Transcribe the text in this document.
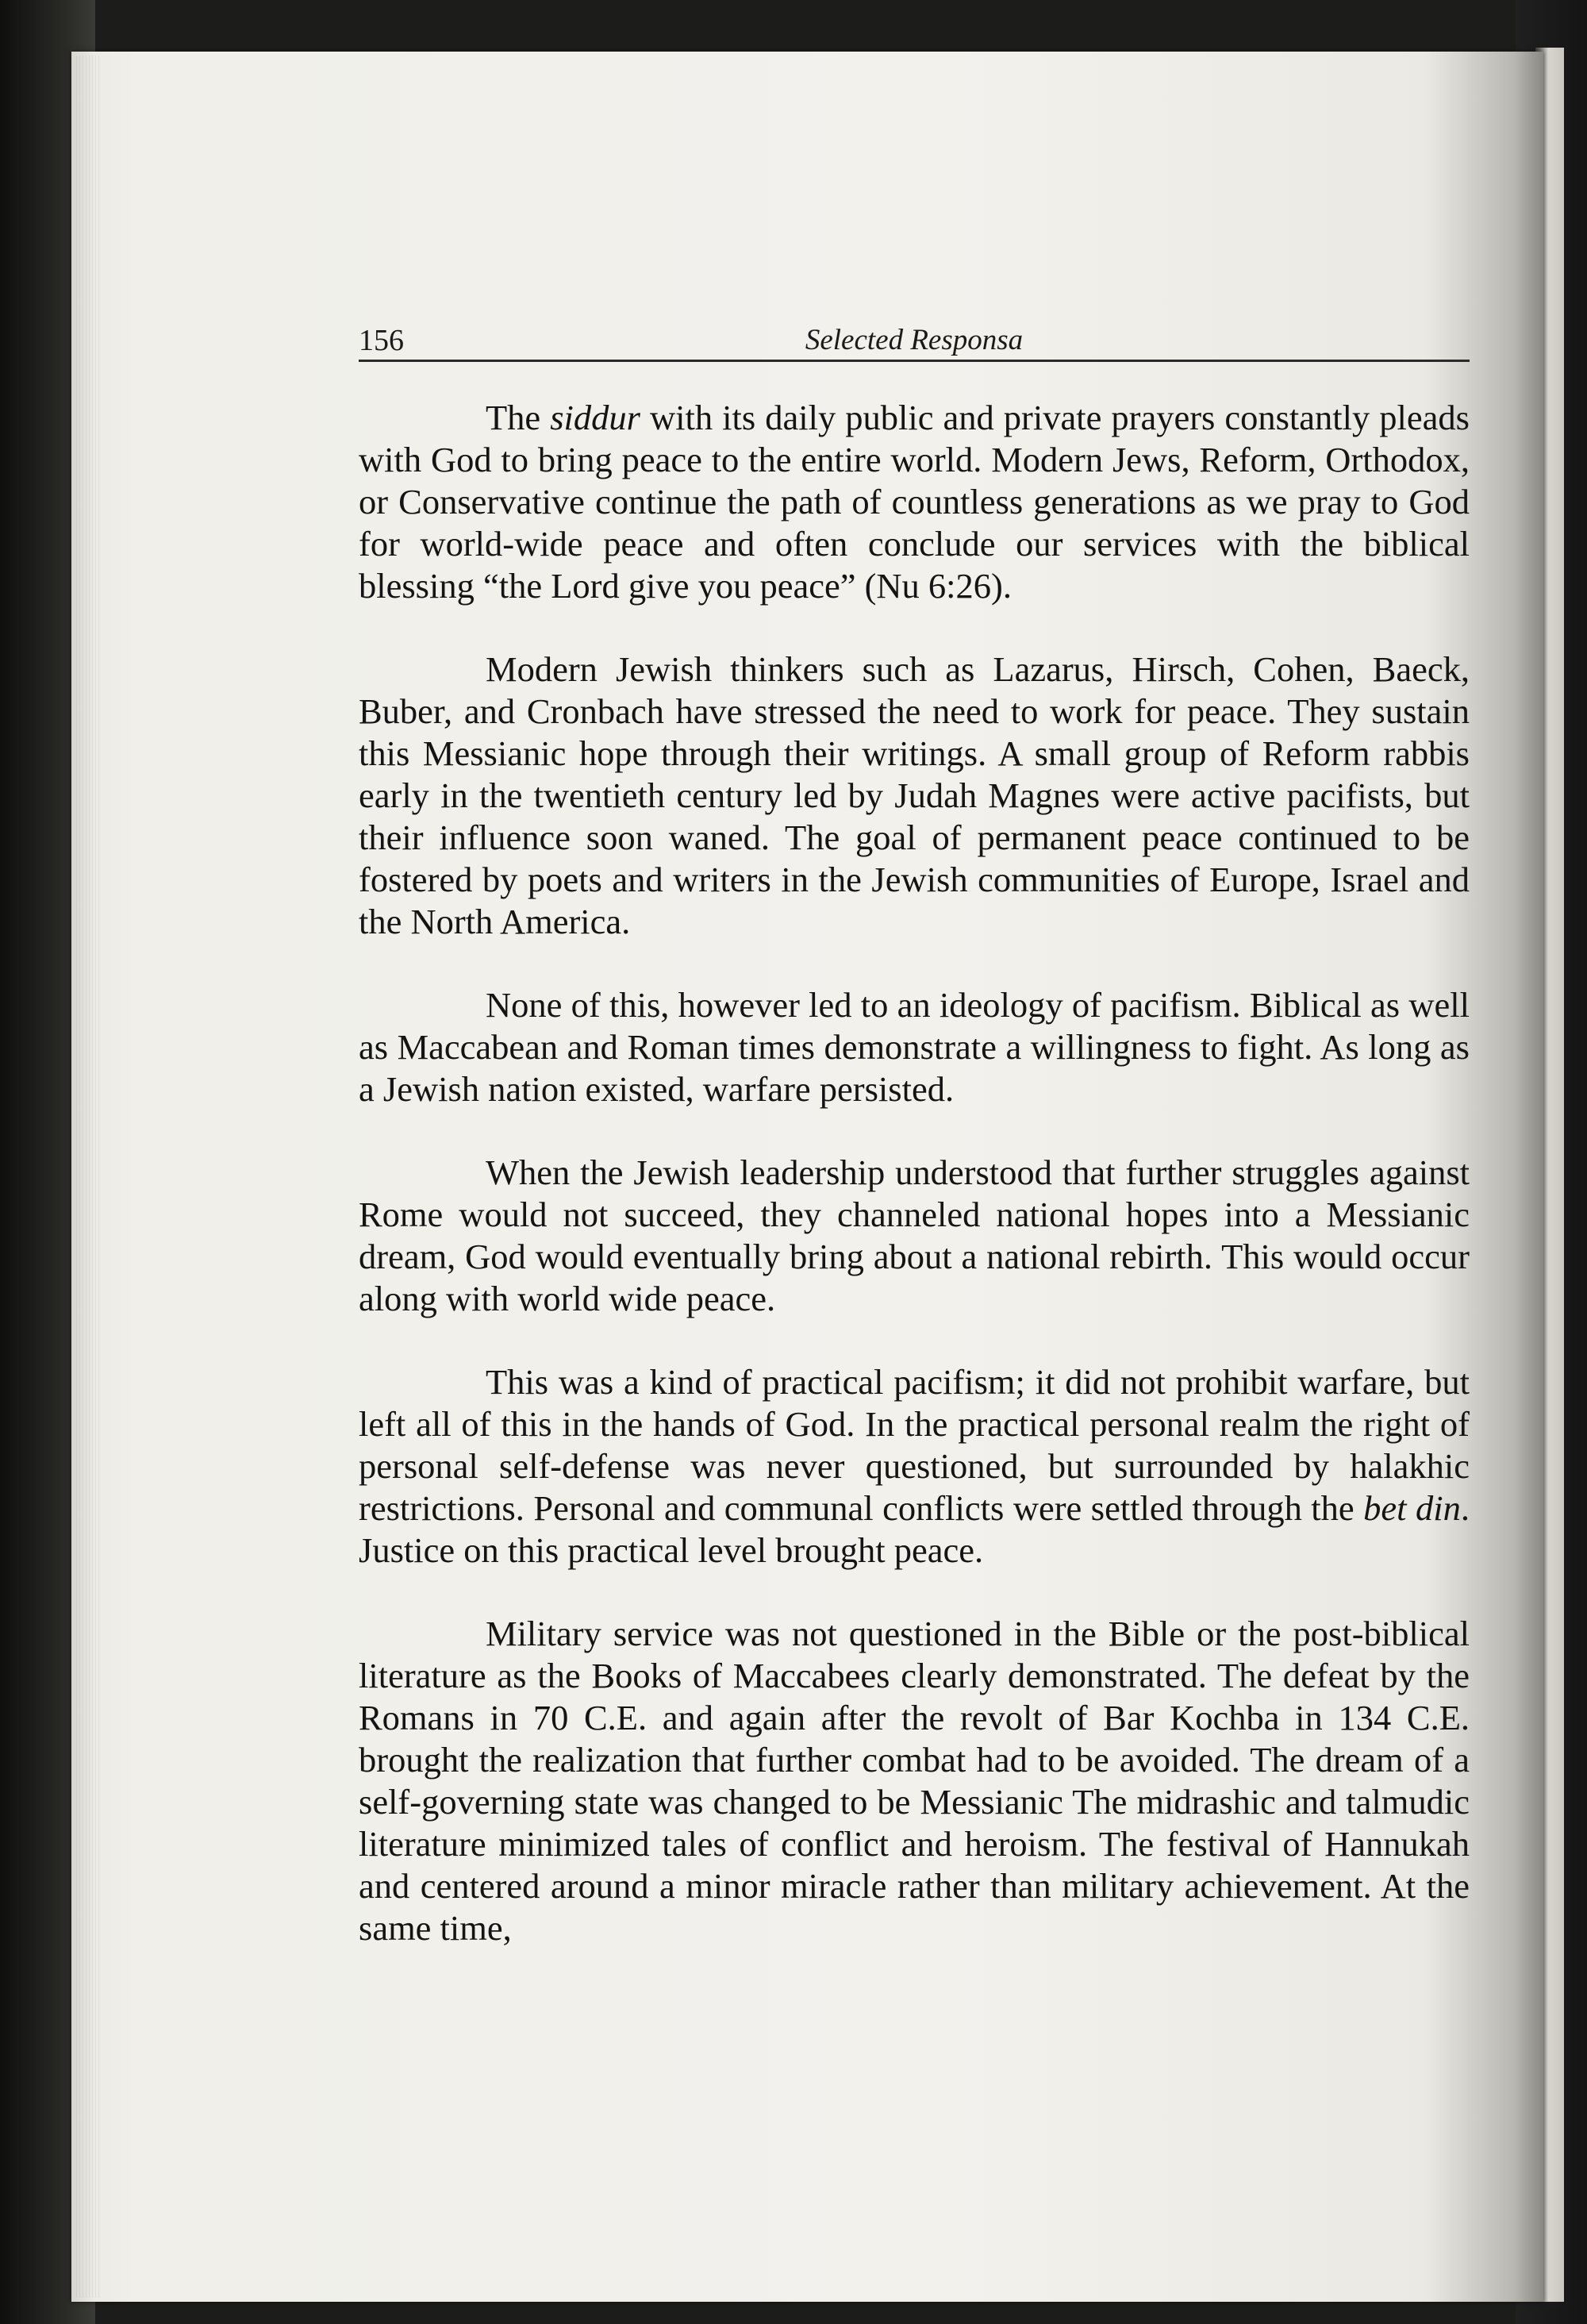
156	Selected Responsa

The siddur with its daily public and private prayers constantly pleads with God to bring peace to the entire world. Modern Jews, Reform, Orthodox, or Conservative continue the path of countless generations as we pray to God for world-wide peace and often conclude our services with the biblical blessing “the Lord give you peace” (Nu 6:26).

Modern Jewish thinkers such as Lazarus, Hirsch, Cohen, Baeck, Buber, and Cronbach have stressed the need to work for peace. They sustain this Messianic hope through their writings. A small group of Reform rabbis early in the twentieth century led by Judah Magnes were active pacifists, but their influence soon waned. The goal of permanent peace continued to be fostered by poets and writers in the Jewish communities of Europe, Israel and the North America.

None of this, however led to an ideology of pacifism. Biblical as well as Maccabean and Roman times demonstrate a willingness to fight. As long as a Jewish nation existed, warfare persisted.

When the Jewish leadership understood that further struggles against Rome would not succeed, they channeled national hopes into a Messianic dream, God would eventually bring about a national rebirth. This would occur along with world wide peace.

This was a kind of practical pacifism; it did not prohibit warfare, but left all of this in the hands of God. In the practical personal realm the right of personal self-defense was never questioned, but surrounded by halakhic restrictions. Personal and communal conflicts were settled through the bet din. Justice on this practical level brought peace.

Military service was not questioned in the Bible or the post-biblical literature as the Books of Maccabees clearly demonstrated. The defeat by the Romans in 70 C.E. and again after the revolt of Bar Kochba in 134 C.E. brought the realization that further combat had to be avoided. The dream of a self-governing state was changed to be Messianic The midrashic and talmudic literature minimized tales of conflict and heroism. The festival of Hannukah and centered around a minor miracle rather than military achievement. At the same time,
